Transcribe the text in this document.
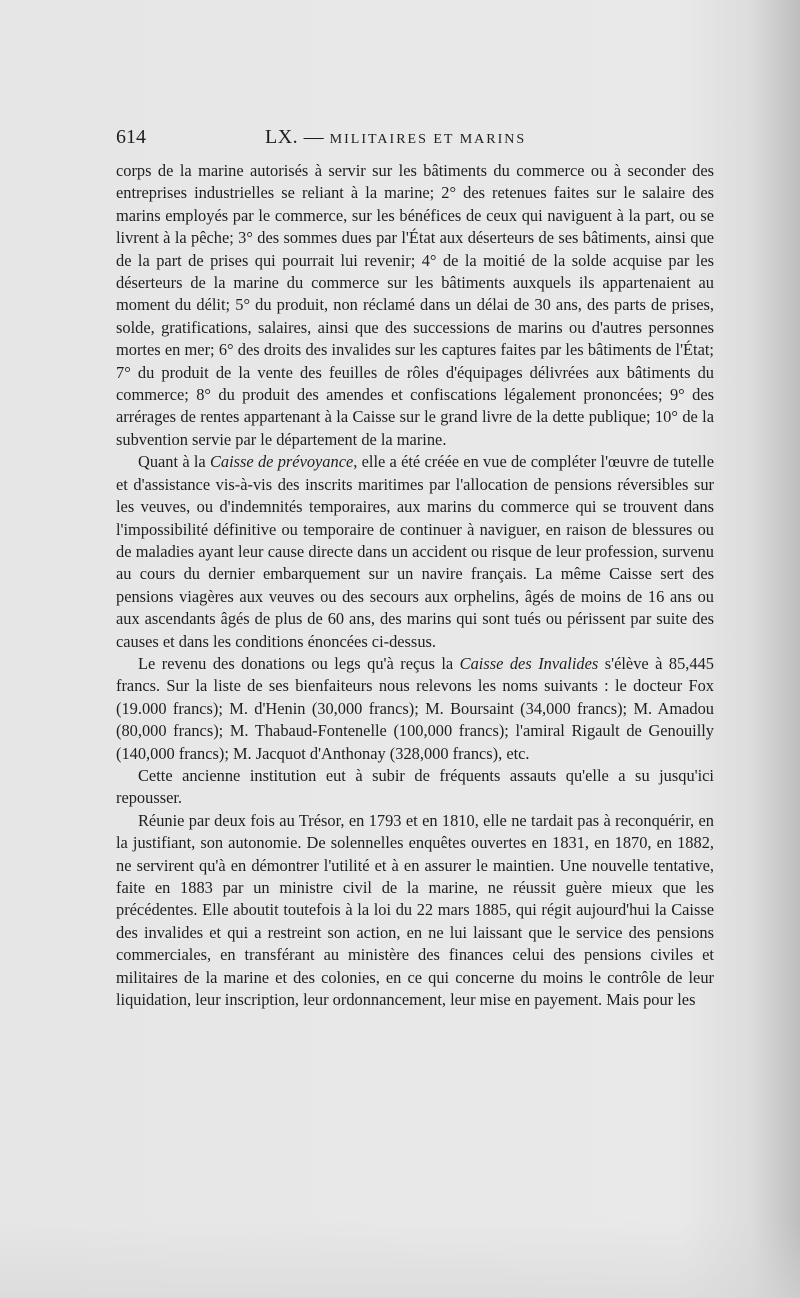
614	LX. — MILITAIRES ET MARINS

corps de la marine autorisés à servir sur les bâtiments du commerce ou à seconder des entreprises industrielles se reliant à la marine; 2° des retenues faites sur le salaire des marins employés par le commerce, sur les bénéfices de ceux qui naviguent à la part, ou se livrent à la pêche; 3° des sommes dues par l'État aux déserteurs de ses bâtiments, ainsi que de la part de prises qui pourrait lui revenir; 4° de la moitié de la solde acquise par les déserteurs de la marine du commerce sur les bâtiments auxquels ils appartenaient au moment du délit; 5° du produit, non réclamé dans un délai de 30 ans, des parts de prises, solde, gratifications, salaires, ainsi que des successions de marins ou d'autres personnes mortes en mer; 6° des droits des invalides sur les captures faites par les bâtiments de l'État; 7° du produit de la vente des feuilles de rôles d'équipages délivrées aux bâtiments du commerce; 8° du produit des amendes et confiscations légalement prononcées; 9° des arrérages de rentes appartenant à la Caisse sur le grand livre de la dette publique; 10° de la subvention servie par le département de la marine.

Quant à la Caisse de prévoyance, elle a été créée en vue de compléter l'œuvre de tutelle et d'assistance vis-à-vis des inscrits maritimes par l'allocation de pensions réversibles sur les veuves, ou d'indemnités temporaires, aux marins du commerce qui se trouvent dans l'impossibilité définitive ou temporaire de continuer à naviguer, en raison de blessures ou de maladies ayant leur cause directe dans un accident ou risque de leur profession, survenu au cours du dernier embarquement sur un navire français. La même Caisse sert des pensions viagères aux veuves ou des secours aux orphelins, âgés de moins de 16 ans ou aux ascendants âgés de plus de 60 ans, des marins qui sont tués ou périssent par suite des causes et dans les conditions énoncées ci-dessus.

Le revenu des donations ou legs qu'à reçus la Caisse des Invalides s'élève à 85,445 francs. Sur la liste de ses bienfaiteurs nous relevons les noms suivants : le docteur Fox (19.000 francs); M. d'Henin (30,000 francs); M. Boursaint (34,000 francs); M. Amadou (80,000 francs); M. Thabaud-Fontenelle (100,000 francs); l'amiral Rigault de Genouilly (140,000 francs); M. Jacquot d'Anthonay (328,000 francs), etc.

Cette ancienne institution eut à subir de fréquents assauts qu'elle a su jusqu'ici repousser.

Réunie par deux fois au Trésor, en 1793 et en 1810, elle ne tardait pas à reconquérir, en la justifiant, son autonomie. De solennelles enquêtes ouvertes en 1831, en 1870, en 1882, ne servirent qu'à en démontrer l'utilité et à en assurer le maintien. Une nouvelle tentative, faite en 1883 par un ministre civil de la marine, ne réussit guère mieux que les précédentes. Elle aboutit toutefois à la loi du 22 mars 1885, qui régit aujourd'hui la Caisse des invalides et qui a restreint son action, en ne lui laissant que le service des pensions commerciales, en transférant au ministère des finances celui des pensions civiles et militaires de la marine et des colonies, en ce qui concerne du moins le contrôle de leur liquidation, leur inscription, leur ordonnancement, leur mise en payement. Mais pour les
